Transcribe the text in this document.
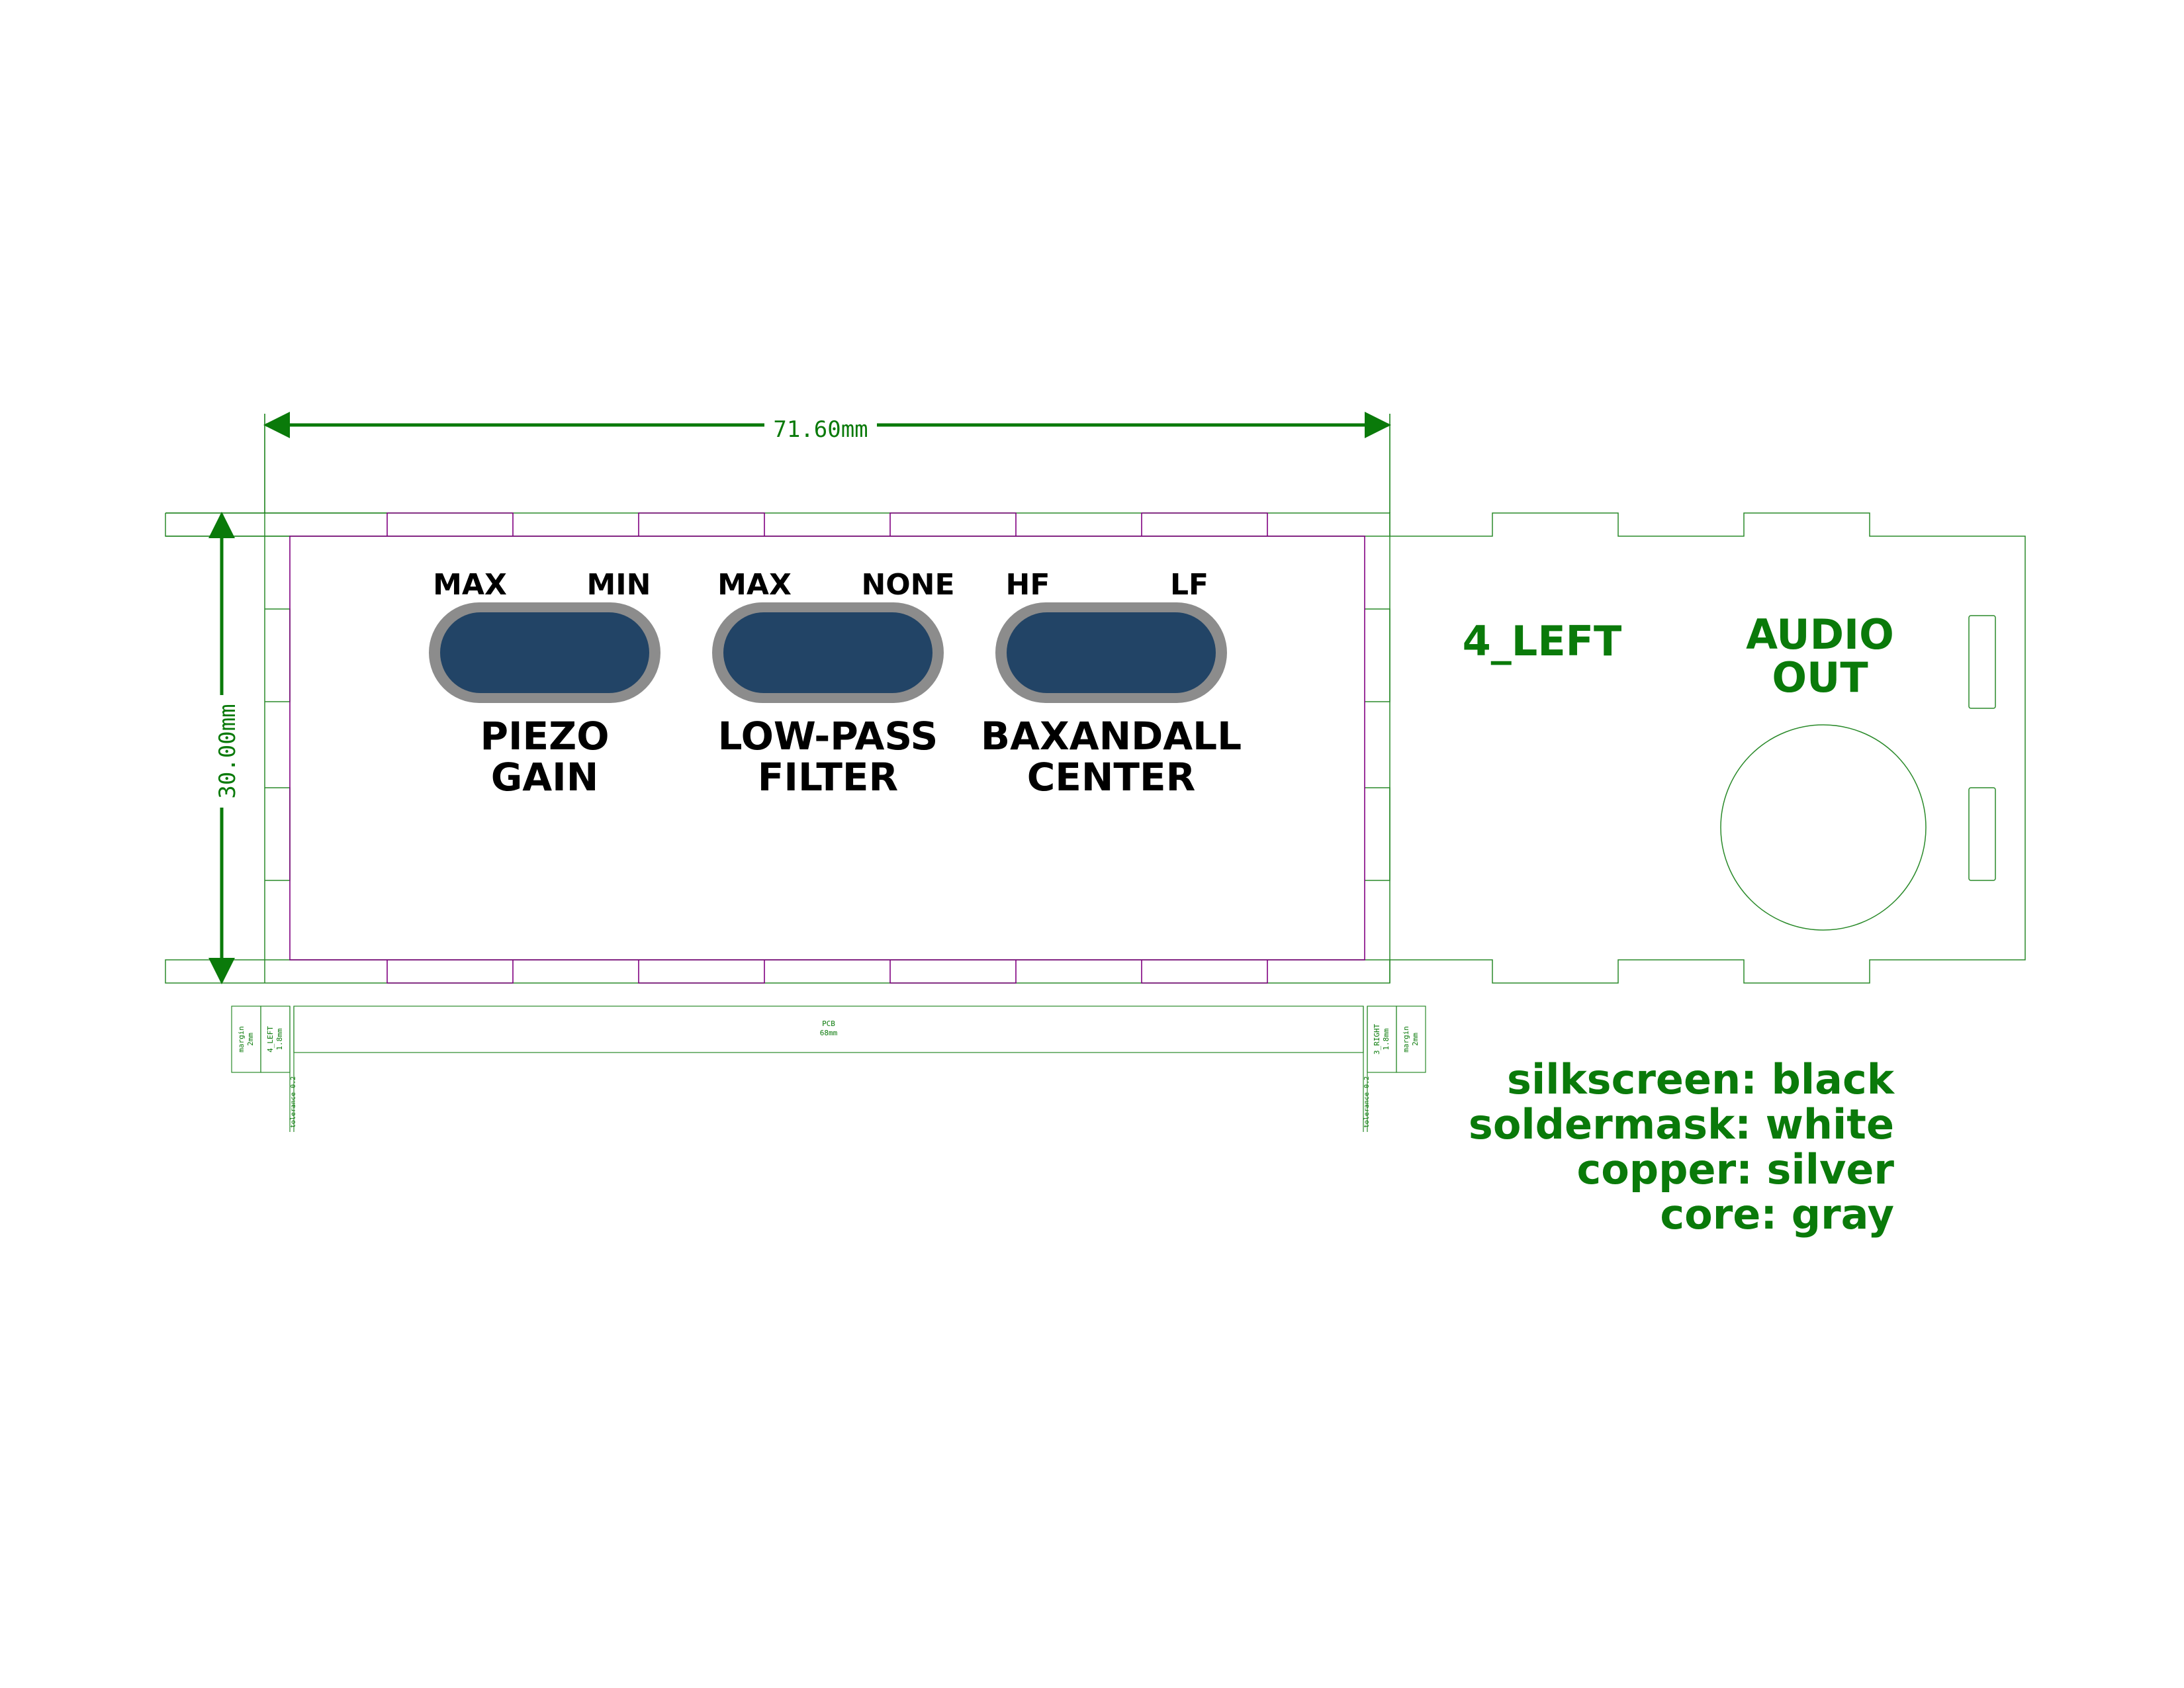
71.60mm
30.00mm
MAX	MIN
PIEZO
GAIN
MAX NONE
LOW-PASS
FILTER
HF	LF
BAXANDALL
CENTER
4_LEFT	AUDIO
OUT
margin 2mm 4_LEFT 1.8mm
PCB
68mm	3_RIGHT 1.8mm margin 2mm
tolerance 0.2	tolerance 0.2	silkscreen: black
soldermask: white
copper: silver
core: gray
